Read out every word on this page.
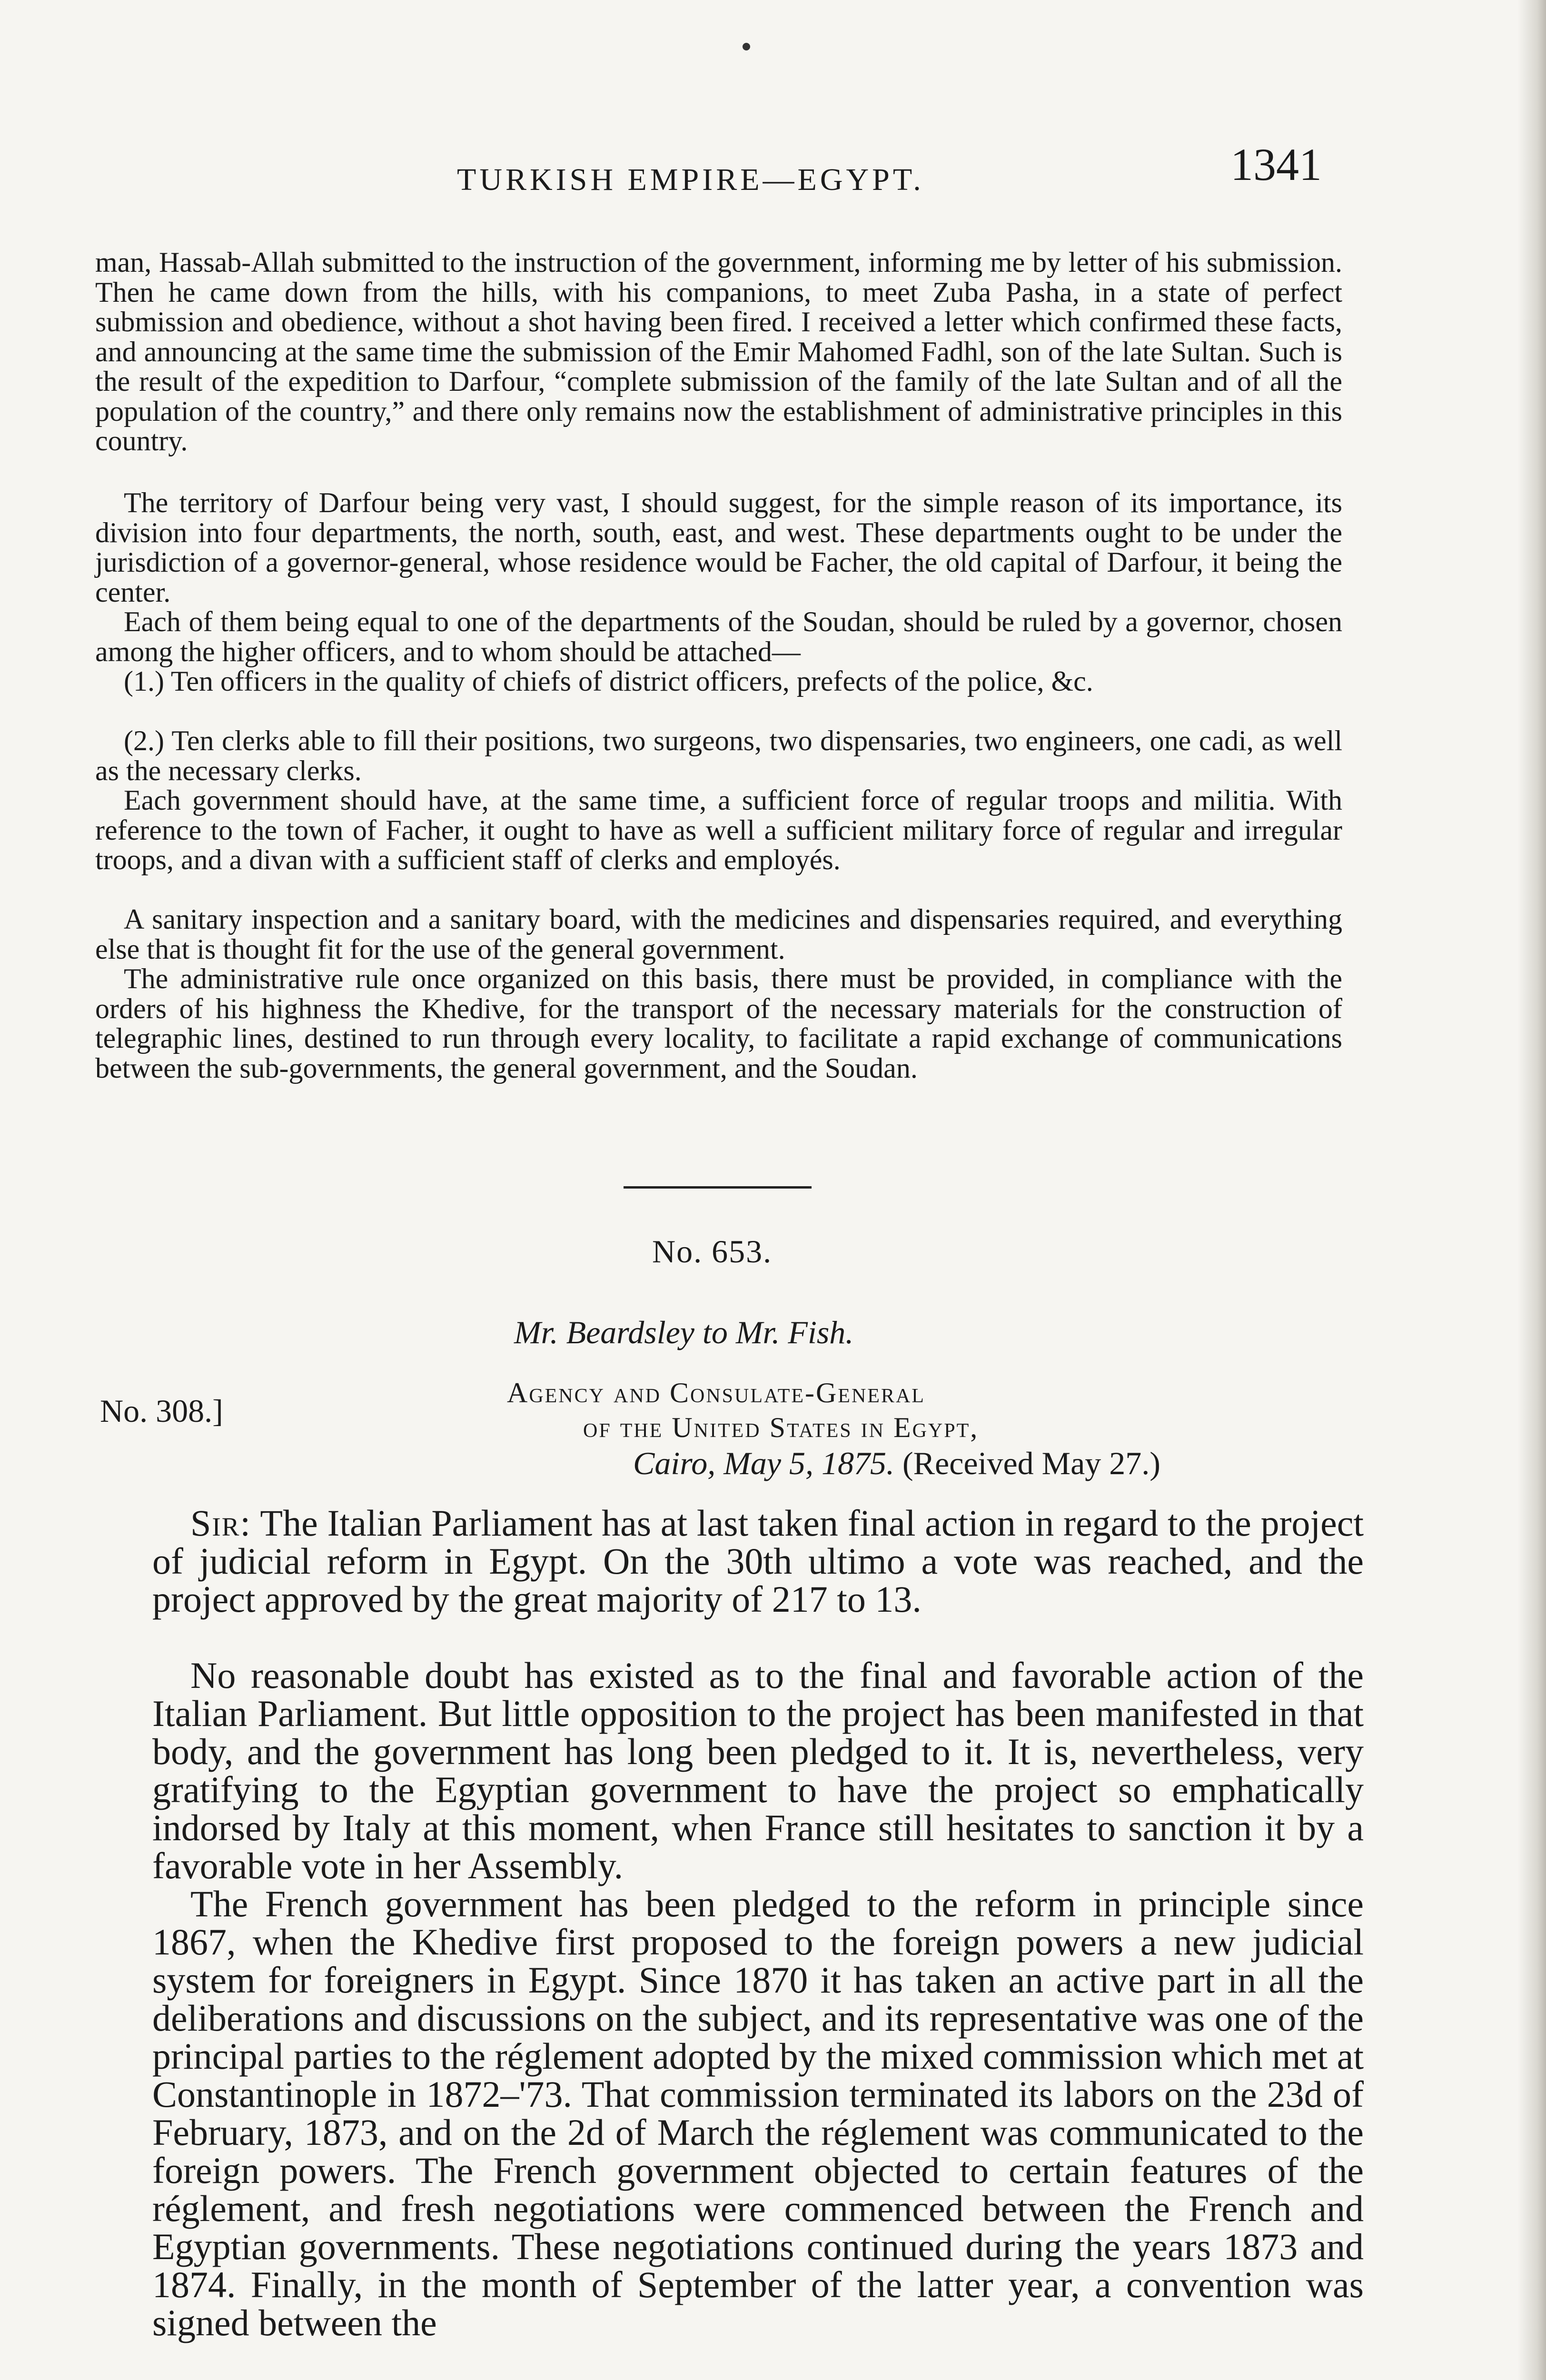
TURKISH EMPIRE—EGYPT.	1341

man, Hassab-Allah submitted to the instruction of the government, informing me by letter of his submission. Then he came down from the hills, with his companions, to meet Zuba Pasha, in a state of perfect submission and obedience, without a shot having been fired. I received a letter which confirmed these facts, and announcing at the same time the submission of the Emir Mahomed Fadhl, son of the late Sultan. Such is the result of the expedition to Darfour, “complete submission of the family of the late Sultan and of all the population of the country,” and there only remains now the establishment of administrative principles in this country.

The territory of Darfour being very vast, I should suggest, for the simple reason of its importance, its division into four departments, the north, south, east, and west. These departments ought to be under the jurisdiction of a governor-general, whose residence would be Facher, the old capital of Darfour, it being the center.

Each of them being equal to one of the departments of the Soudan, should be ruled by a governor, chosen among the higher officers, and to whom should be attached—

(1.) Ten officers in the quality of chiefs of district officers, prefects of the police, &c.

(2.) Ten clerks able to fill their positions, two surgeons, two dispensaries, two engineers, one cadi, as well as the necessary clerks.

Each government should have, at the same time, a sufficient force of regular troops and militia. With reference to the town of Facher, it ought to have as well a sufficient military force of regular and irregular troops, and a divan with a sufficient staff of clerks and employés.

A sanitary inspection and a sanitary board, with the medicines and dispensaries required, and everything else that is thought fit for the use of the general government.

The administrative rule once organized on this basis, there must be provided, in compliance with the orders of his highness the Khedive, for the transport of the necessary materials for the construction of telegraphic lines, destined to run through every locality, to facilitate a rapid exchange of communications between the sub-governments, the general government, and the Soudan.

No. 653.
Mr. Beardsley to Mr. Fish.
No. 308.]	Agency and Consulate-General
of the United States in Egypt,
Cairo, May 5, 1875. (Received May 27.)

Sir: The Italian Parliament has at last taken final action in regard to the project of judicial reform in Egypt. On the 30th ultimo a vote was reached, and the project approved by the great majority of 217 to 13.

No reasonable doubt has existed as to the final and favorable action of the Italian Parliament. But little opposition to the project has been manifested in that body, and the government has long been pledged to it. It is, nevertheless, very gratifying to the Egyptian government to have the project so emphatically indorsed by Italy at this moment, when France still hesitates to sanction it by a favorable vote in her Assembly.

The French government has been pledged to the reform in principle since 1867, when the Khedive first proposed to the foreign powers a new judicial system for foreigners in Egypt. Since 1870 it has taken an active part in all the deliberations and discussions on the subject, and its representative was one of the principal parties to the réglement adopted by the mixed commission which met at Constantinople in 1872–'73. That commission terminated its labors on the 23d of February, 1873, and on the 2d of March the réglement was communicated to the foreign powers. The French government objected to certain features of the réglement, and fresh negotiations were commenced between the French and Egyptian governments. These negotiations continued during the years 1873 and 1874. Finally, in the month of September of the latter year, a convention was signed between the
